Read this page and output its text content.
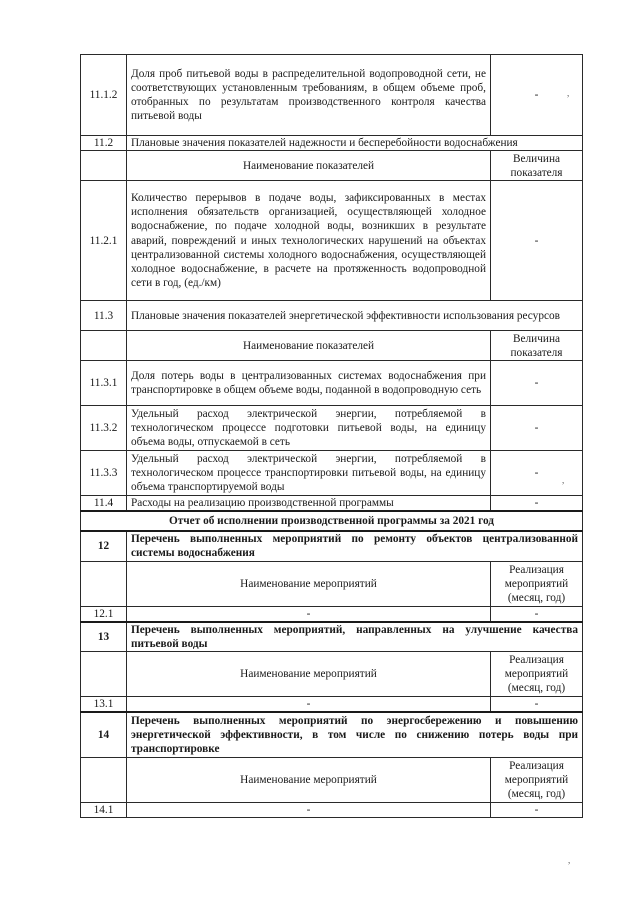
11.1.2	Доля проб питьевой воды в распределительной водопроводной сети, не соответствующих установленным требованиям, в общем объеме проб, отобранных по результатам производственного контроля качества питьевой воды	-
11.2	Плановые значения показателей надежности и бесперебойности водоснабжения	
	Наименование показателей	Величина показателя
11.2.1	Количество перерывов в подаче воды, зафиксированных в местах исполнения обязательств организацией, осуществляющей холодное водоснабжение, по подаче холодной воды, возникших в результате аварий, повреждений и иных технологических нарушений на объектах централизованной системы холодного водоснабжения, осуществляющей холодное водоснабжение, в расчете на протяженность водопроводной сети в год, (ед./км)	-
11.3	Плановые значения показателей энергетической эффективности использования ресурсов	
	Наименование показателей	Величина показателя
11.3.1	Доля потерь воды в централизованных системах водоснабжения при транспортировке в общем объеме воды, поданной в водопроводную сеть	-
11.3.2	Удельный расход электрической энергии, потребляемой в технологическом процессе подготовки питьевой воды, на единицу объема воды, отпускаемой в сеть	-
11.3.3	Удельный расход электрической энергии, потребляемой в технологическом процессе транспортировки питьевой воды, на единицу объема транспортируемой воды	-
11.4	Расходы на реализацию производственной программы	-
Отчет об исполнении производственной программы за 2021 год		
12	Перечень выполненных мероприятий по ремонту объектов централизованной системы водоснабжения	
	Наименование мероприятий	Реализация мероприятий (месяц, год)
12.1	-	-
13	Перечень выполненных мероприятий, направленных на улучшение качества питьевой воды	
	Наименование мероприятий	Реализация мероприятий (месяц, год)
13.1	-	-
14	Перечень выполненных мероприятий по энергосбережению и повышению энергетической эффективности, в том числе по снижению потерь воды при транспортировке	
	Наименование мероприятий	Реализация мероприятий (месяц, год)
14.1	-	-
,
,
,
